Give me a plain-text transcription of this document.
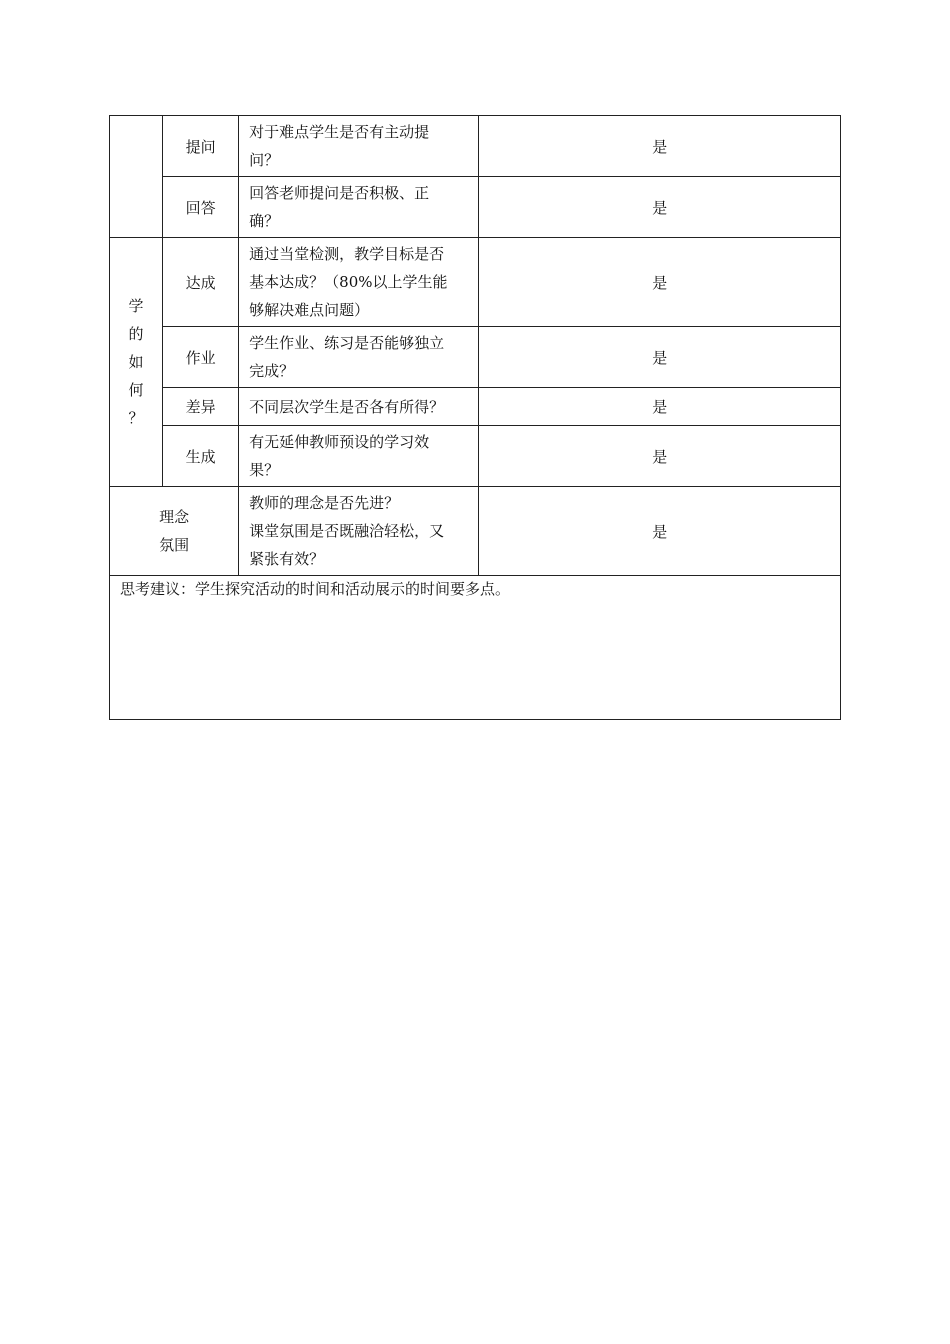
	提问	对于难点学生是否有主动提
问？	是
	回答	回答老师提问是否积极、正
确？	是

学
的
如
何
？	达成	通过当堂检测，教学目标是否
基本达成？（80%以上学生能
够解决难点问题）	是
	作业	学生作业、练习是否能够独立
完成？	是
	差异	不同层次学生是否各有所得？	是
	生成	有无延伸教师预设的学习效
果？	是

理念
氛围		教师的理念是否先进？
课堂氛围是否既融洽轻松，又
紧张有效？	是
思考建议：学生探究活动的时间和活动展示的时间要多点。			
